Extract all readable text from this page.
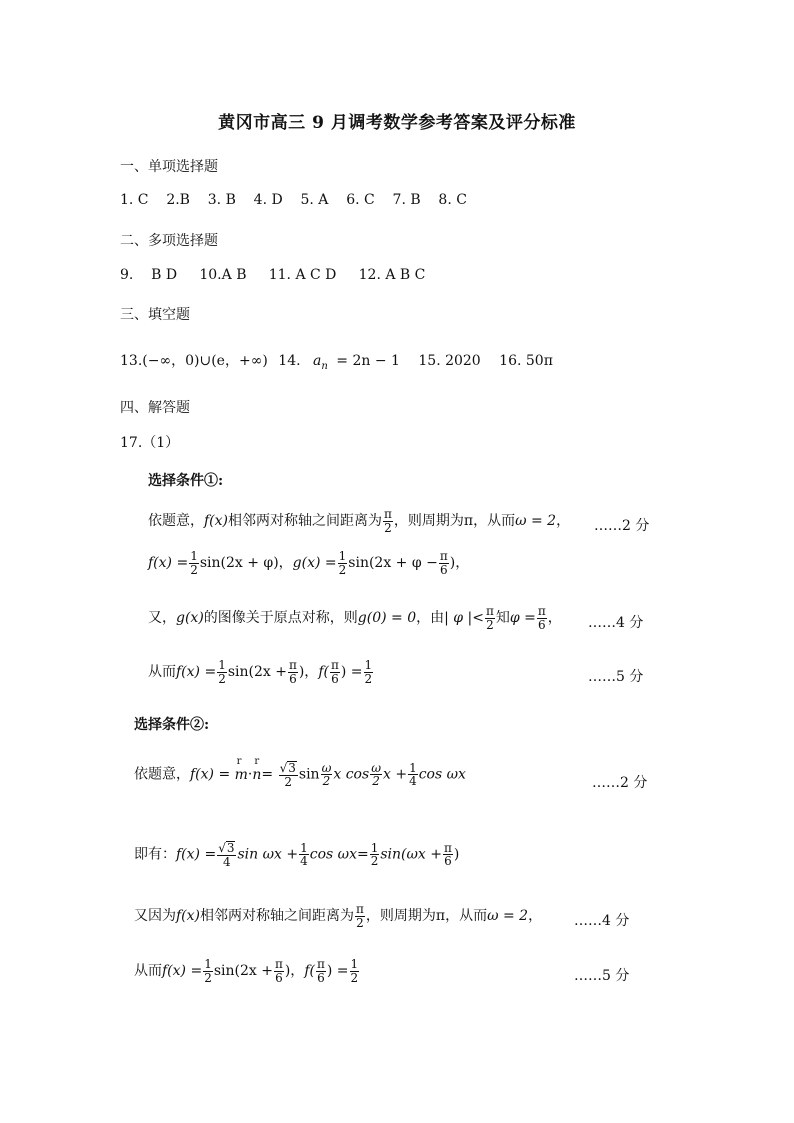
黄冈市高三 9 月调考数学参考答案及评分标准
一、单项选择题
1. C    2.B    3. B    4. D    5. A    6. C    7. B    8. C
二、多项选择题
9.    B D     10.A B     11. A C D     12. A B C
三、填空题
13.(−∞，0)∪(e，+∞) 14. $a_n = 2n - 1$ 15. 2020 16. 50π
四、解答题
17.（1）
选择条件①:
依题意，f(x)相邻两对称轴之间距离为 $\frac{\pi}{2}$ ，则周期为π，从而ω = 2， ……2 分
$f(x) = \frac{1}{2} \sin(2x + \varphi)$，$g(x) = \frac{1}{2} \sin(2x + \varphi - \frac{\pi}{6}$ )，
又，g(x)的图像关于原点对称，则g(0) = 0，由| φ |< $\frac{\pi}{2}$ 知$\varphi = \frac{\pi}{6}$ ， ……4 分
从而$f(x) = \frac{1}{2} \sin(2x + \frac{\pi}{6}$ )，$f( \frac{\pi}{6}$ ) = $\frac{1}{2}$	……5 分
选择条件②:
依题意，f(x) =
r
m·
r
$n= \frac{√3}{2}$ $\sin \frac{\omega}{2}$ x $\cos \frac{\omega}{2}$ $x + \frac{1}{4}$ cos ωx
……2 分
即有：$f(x) = \frac{√3}{4}$ $\sin \omega x + \frac{1}{4}$ $\cos \omega x= \frac{1}{2} \sin(\omega x + \frac{\pi}{6}$ )
又因为f(x)相邻两对称轴之间距离为 $\frac{\pi}{2}$ ，则周期为π，从而ω = 2， ……4 分
从而$f(x) = \frac{1}{2} \sin(2x + \frac{\pi}{6}$ )，$f( \frac{\pi}{6}$ ) = $\frac{1}{2}$	……5 分
